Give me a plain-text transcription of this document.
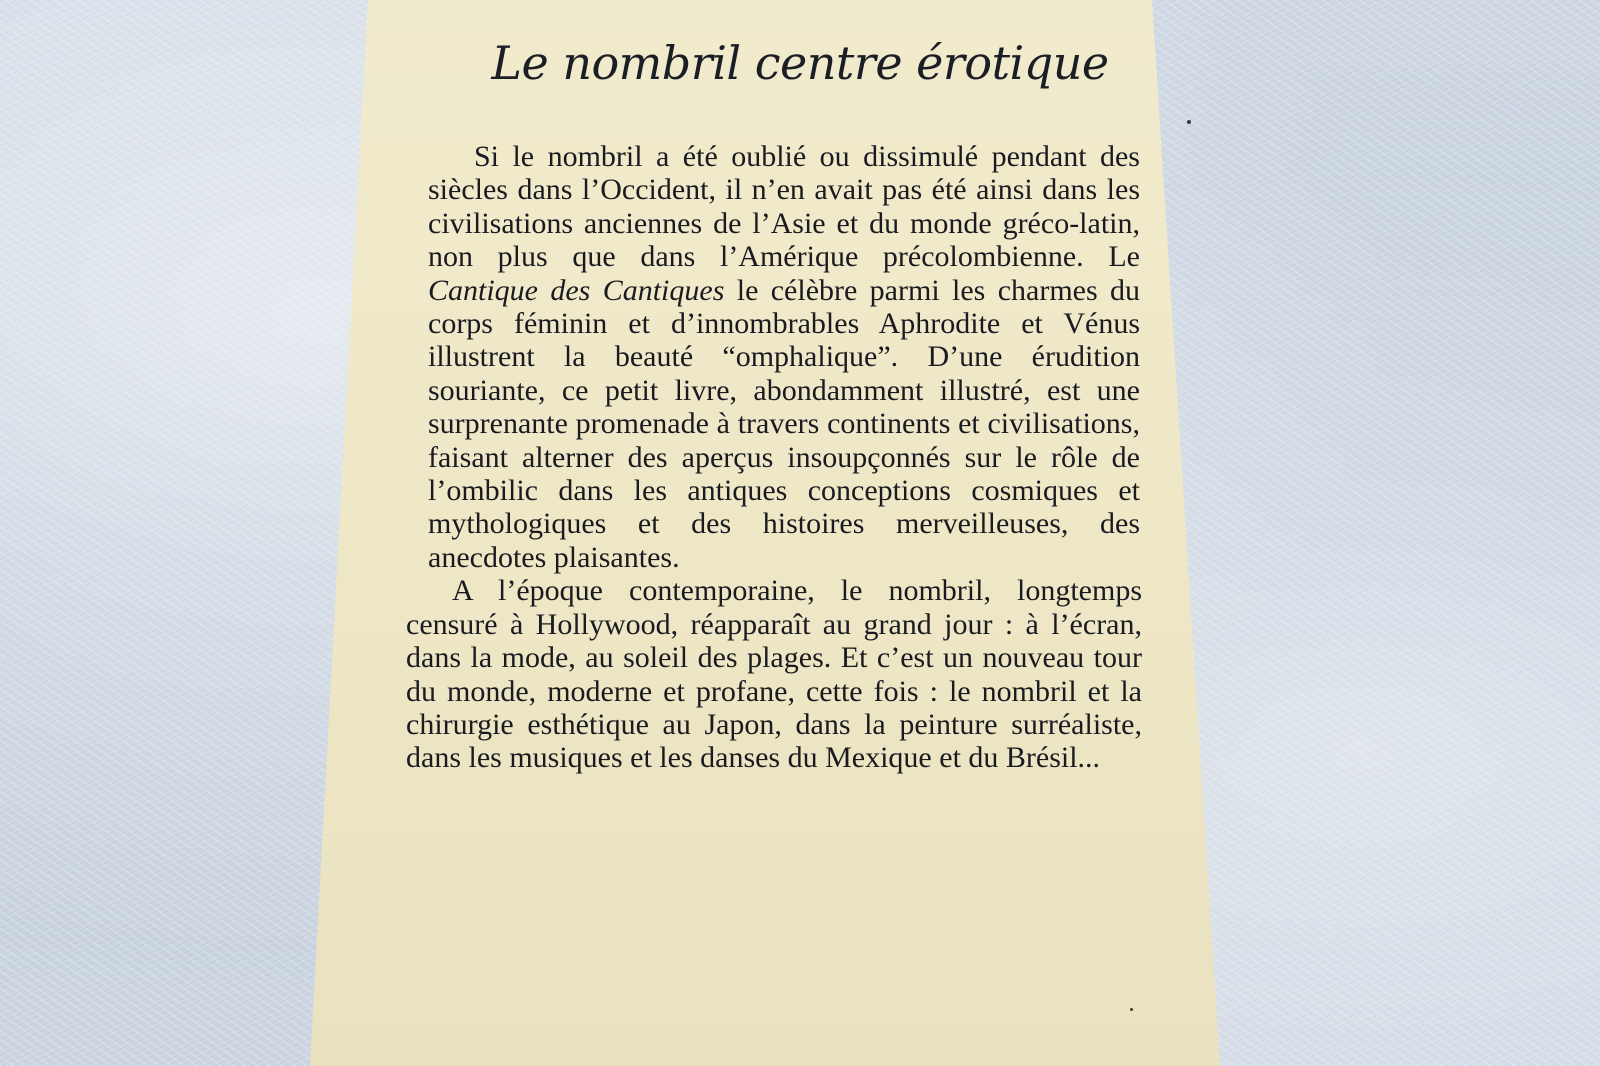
Le nombril centre érotique

Si le nombril a été oublié ou dissimulé pendant des siècles dans l’Occident, il n’en avait pas été ainsi dans les civilisations anciennes de l’Asie et du monde gréco-latin, non plus que dans l’Amérique précolombienne. Le Cantique des Cantiques le célèbre parmi les charmes du corps féminin et d’innombrables Aphrodite et Vénus illustrent la beauté “omphalique”. D’une érudition souriante, ce petit livre, abondamment illustré, est une surprenante promenade à travers continents et civilisations, faisant alterner des aperçus insoupçonnés sur le rôle de l’ombilic dans les antiques conceptions cosmiques et mythologiques et des histoires merveilleuses, des anecdotes plaisantes.

A l’époque contemporaine, le nombril, longtemps censuré à Hollywood, réapparaît au grand jour : à l’écran, dans la mode, au soleil des plages. Et c’est un nouveau tour du monde, moderne et profane, cette fois : le nombril et la chirurgie esthétique au Japon, dans la peinture surréaliste, dans les musiques et les danses du Mexique et du Brésil...
